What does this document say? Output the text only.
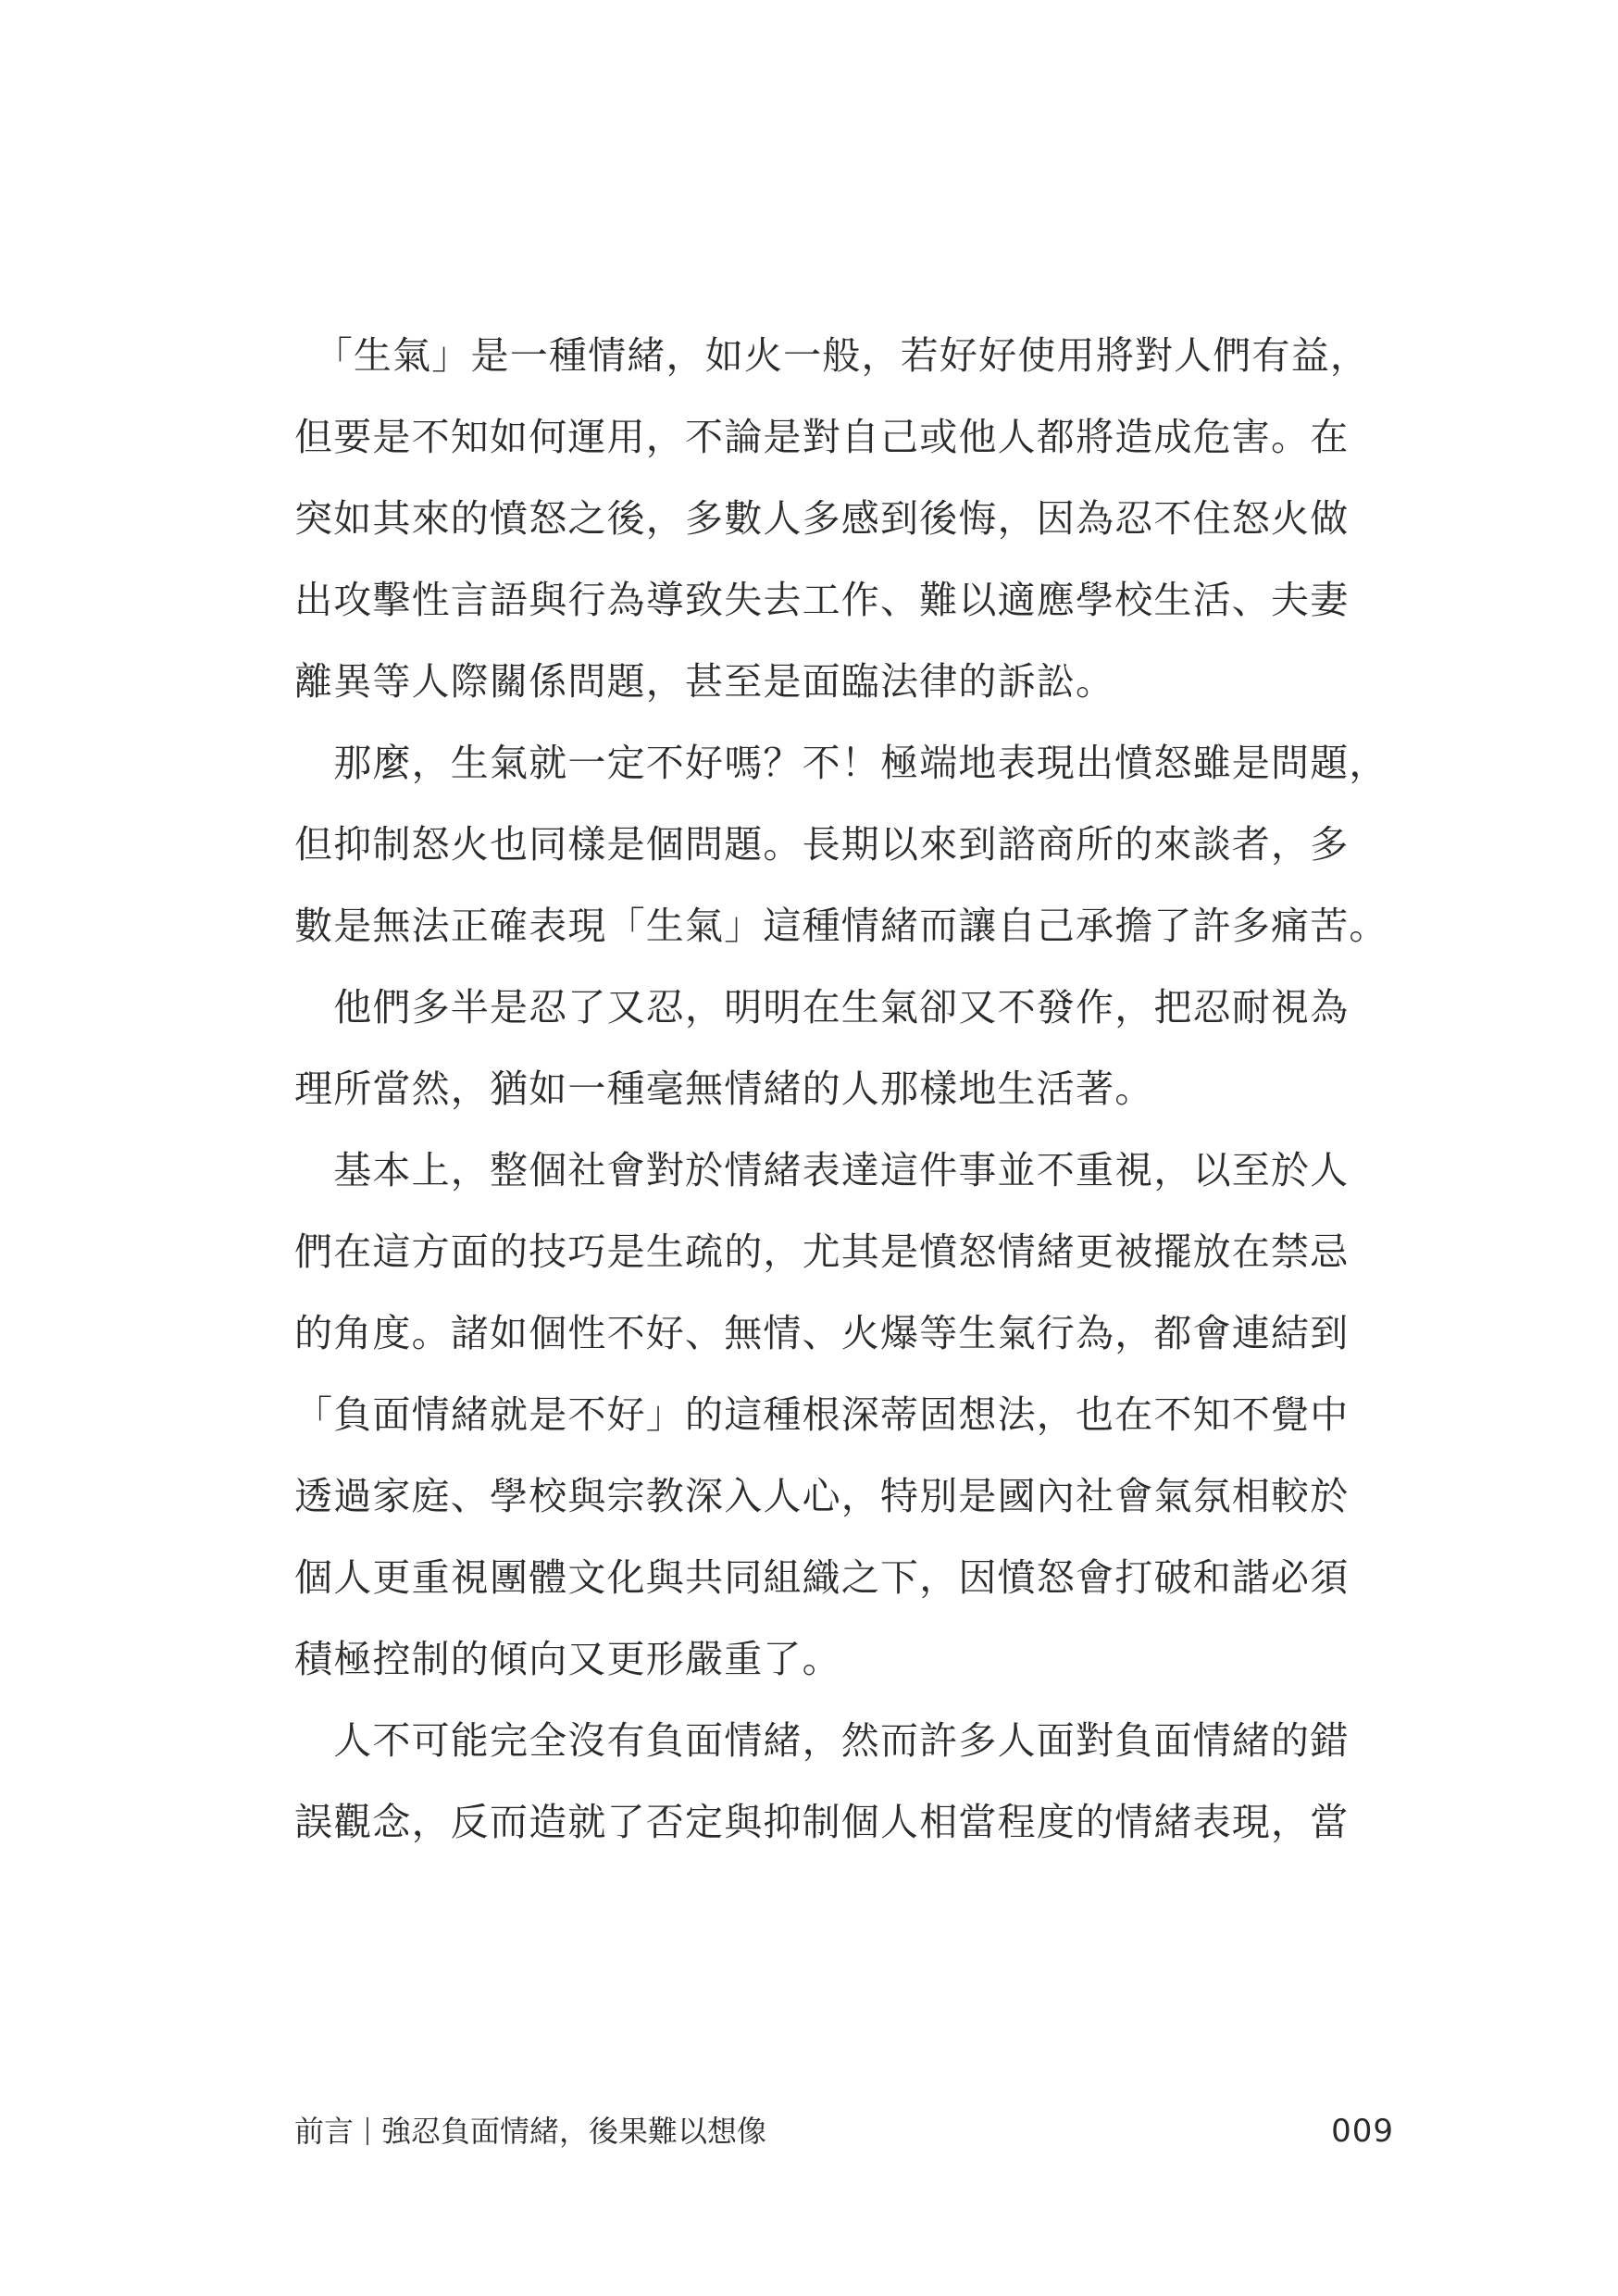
　「生氣」是一種情緒，如火一般，若好好使用將對人們有益，
但要是不知如何運用，不論是對自己或他人都將造成危害。在
突如其來的憤怒之後，多數人多感到後悔，因為忍不住怒火做
出攻擊性言語與行為導致失去工作、難以適應學校生活、夫妻
離異等人際關係問題，甚至是面臨法律的訴訟。
　那麼，生氣就一定不好嗎？不！極端地表現出憤怒雖是問題，
但抑制怒火也同樣是個問題。長期以來到諮商所的來談者，多
數是無法正確表現「生氣」這種情緒而讓自己承擔了許多痛苦。
　他們多半是忍了又忍，明明在生氣卻又不發作，把忍耐視為
理所當然，猶如一種毫無情緒的人那樣地生活著。
　基本上，整個社會對於情緒表達這件事並不重視，以至於人
們在這方面的技巧是生疏的，尤其是憤怒情緒更被擺放在禁忌
的角度。諸如個性不好、無情、火爆等生氣行為，都會連結到
「負面情緒就是不好」的這種根深蒂固想法，也在不知不覺中
透過家庭、學校與宗教深入人心，特別是國內社會氣氛相較於
個人更重視團體文化與共同組織之下，因憤怒會打破和諧必須
積極控制的傾向又更形嚴重了。
　人不可能完全沒有負面情緒，然而許多人面對負面情緒的錯
誤觀念，反而造就了否定與抑制個人相當程度的情緒表現，當
前言 強忍負面情緒，後果難以想像	009
